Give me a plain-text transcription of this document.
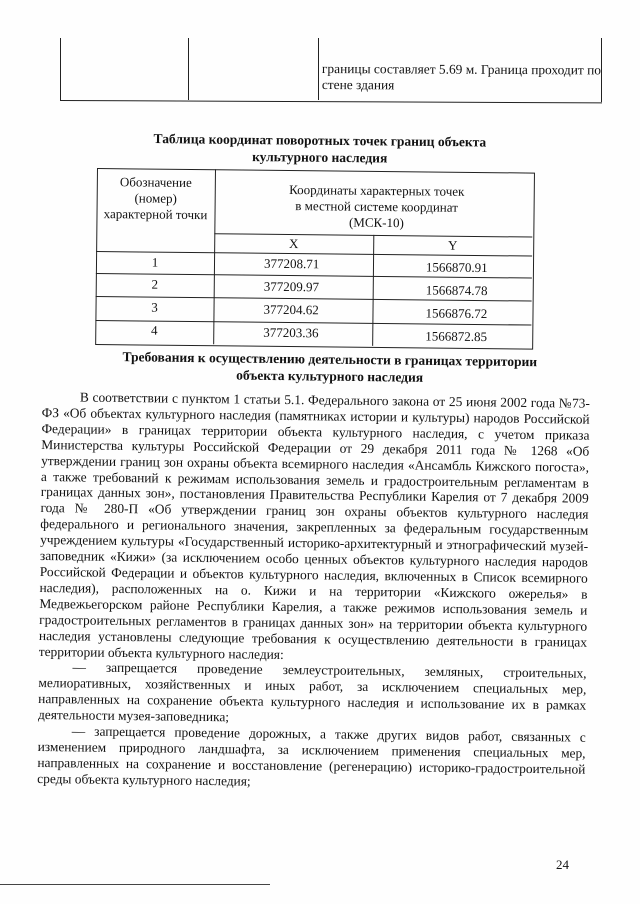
границы составляет 5.69 м. Граница проходит по стене здания
Таблица координат поворотных точек границ объекта культурного наследия
Обозначение (номер) характерной точки
Координаты характерных точек в местной системе координат (МСК-10)
X	Y
1	377208.71	1566870.91
2	377209.97	1566874.78
3	377204.62	1566876.72
4	377203.36	1566872.85
Требования к осуществлению деятельности в границах территории объекта культурного наследия

В соответствии с пунктом 1 статьи 5.1. Федерального закона от 25 июня 2002 года №73-ФЗ «Об объектах культурного наследия (памятниках истории и культуры) народов Российской Федерации» в границах территории объекта культурного наследия, с учетом приказа Министерства культуры Российской Федерации от 29 декабря 2011 года № 1268 «Об утверждении границ зон охраны объекта всемирного наследия «Ансамбль Кижского погоста», а также требований к режимам использования земель и градостроительным регламентам в границах данных зон», постановления Правительства Республики Карелия от 7 декабря 2009 года № 280-П «Об утверждении границ зон охраны объектов культурного наследия федерального и регионального значения, закрепленных за федеральным государственным учреждением культуры «Государственный историко-архитектурный и этнографический музей-заповедник «Кижи» (за исключением особо ценных объектов культурного наследия народов Российской Федерации и объектов культурного наследия, включенных в Список всемирного наследия), расположенных на о. Кижи и на территории «Кижского ожерелья» в Медвежьегорском районе Республики Карелия, а также режимов использования земель и градостроительных регламентов в границах данных зон» на территории объекта культурного наследия установлены следующие требования к осуществлению деятельности в границах территории объекта культурного наследия:

— запрещается проведение землеустроительных, земляных, строительных, мелиоративных, хозяйственных и иных работ, за исключением специальных мер, направленных на сохранение объекта культурного наследия и использование их в рамках деятельности музея-заповедника;

— запрещается проведение дорожных, а также других видов работ, связанных с изменением природного ландшафта, за исключением применения специальных мер, направленных на сохранение и восстановление (регенерацию) историко-градостроительной среды объекта культурного наследия;

24
